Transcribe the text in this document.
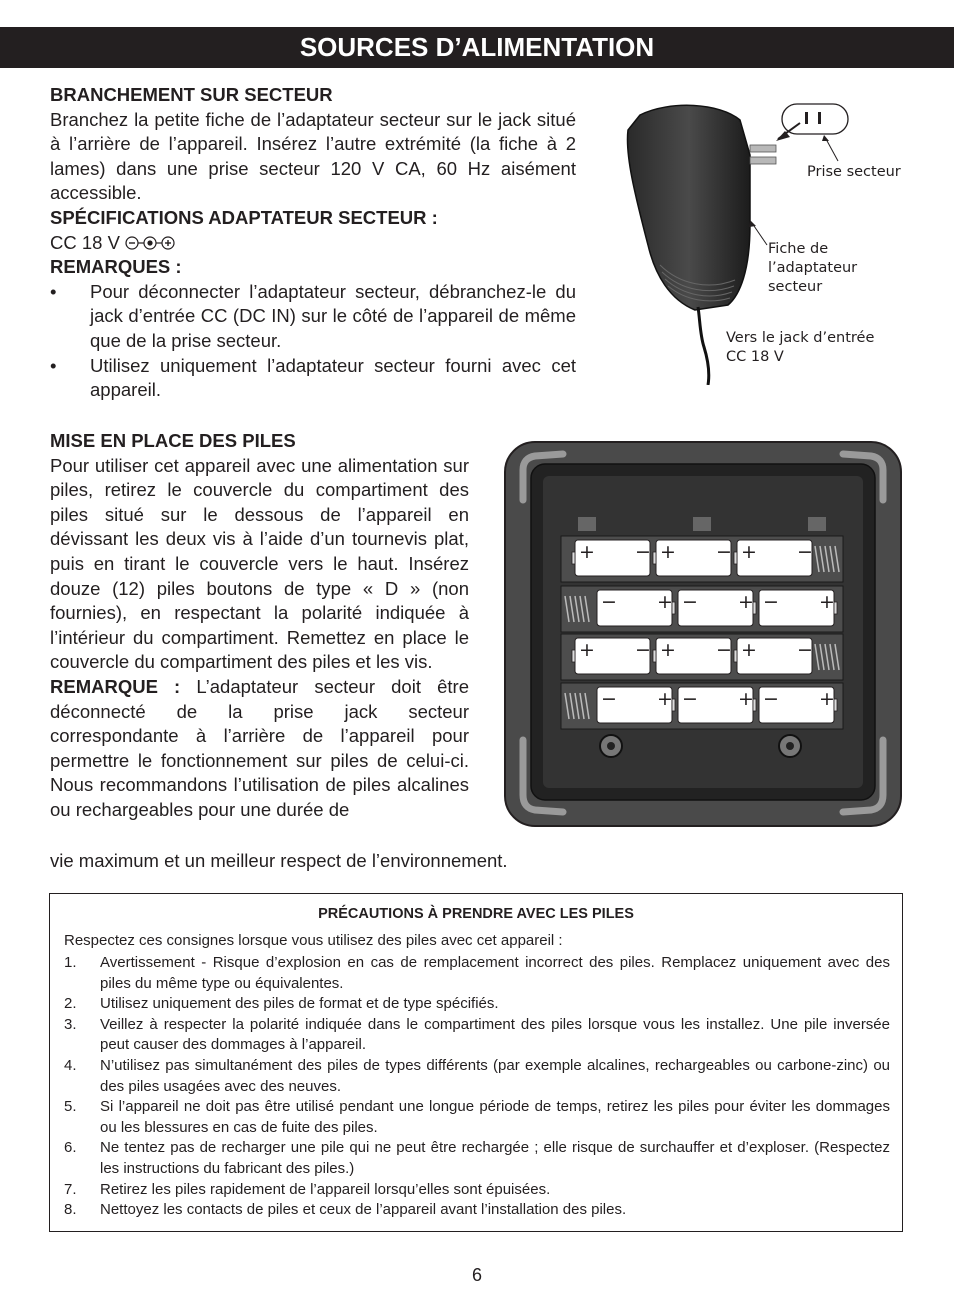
SOURCES D’ALIMENTATION
BRANCHEMENT SUR SECTEUR
Branchez la petite fiche de l’adaptateur secteur sur le jack situé à l’arrière de l’appareil. Insérez l’autre extrémité (la fiche à 2 lames) dans une prise secteur 120 V CA, 60 Hz aisément accessible.
SPÉCIFICATIONS ADAPTATEUR SECTEUR :
CC 18 V
REMARQUES :
• Pour déconnecter l’adaptateur secteur, débranchez-le du jack d’entrée CC (DC IN) sur le côté de l’appareil de même que de la prise secteur.
• Utilisez uniquement l’adaptateur secteur fourni avec cet appareil.
Prise secteur
Fiche de
l’adaptateur
secteur
Vers le jack d’entrée
CC 18 V
MISE EN PLACE DES PILES
Pour utiliser cet appareil avec une alimentation sur piles, retirez le couvercle du compartiment des piles situé sur le dessous de l’appareil en dévissant les deux vis à l’aide d’un tournevis plat, puis en tirant le couvercle vers le haut. Insérez douze (12) piles boutons de type « D » (non fournies), en respectant la polarité indiquée à l’intérieur du compartiment. Remettez en place le couvercle du compartiment des piles et les vis.
REMARQUE : L’adaptateur secteur doit être déconnecté de la prise jack secteur correspondante à l’arrière de l’appareil pour permettre le fonctionnement sur piles de celui-ci. Nous recommandons l’utilisation de piles alcalines ou rechargeables pour une durée de
vie maximum et un meilleur respect de l’environnement.
+ − + − + −
− + − + − +
+ − + − + −
− + − + − +
PRÉCAUTIONS À PRENDRE AVEC LES PILES
Respectez ces consignes lorsque vous utilisez des piles avec cet appareil :
1. Avertissement - Risque d’explosion en cas de remplacement incorrect des piles. Remplacez uniquement avec des piles du même type ou équivalentes.
2. Utilisez uniquement des piles de format et de type spécifiés.
3. Veillez à respecter la polarité indiquée dans le compartiment des piles lorsque vous les installez. Une pile inversée peut causer des dommages à l’appareil.
4. N’utilisez pas simultanément des piles de types différents (par exemple alcalines, rechargeables ou carbone-zinc) ou des piles usagées avec des neuves.
5. Si l’appareil ne doit pas être utilisé pendant une longue période de temps, retirez les piles pour éviter les dommages ou les blessures en cas de fuite des piles.
6. Ne tentez pas de recharger une pile qui ne peut être rechargée ; elle risque de surchauffer et d’exploser. (Respectez les instructions du fabricant des piles.)
7. Retirez les piles rapidement de l’appareil lorsqu’elles sont épuisées.
8. Nettoyez les contacts de piles et ceux de l’appareil avant l’installation des piles.
6
